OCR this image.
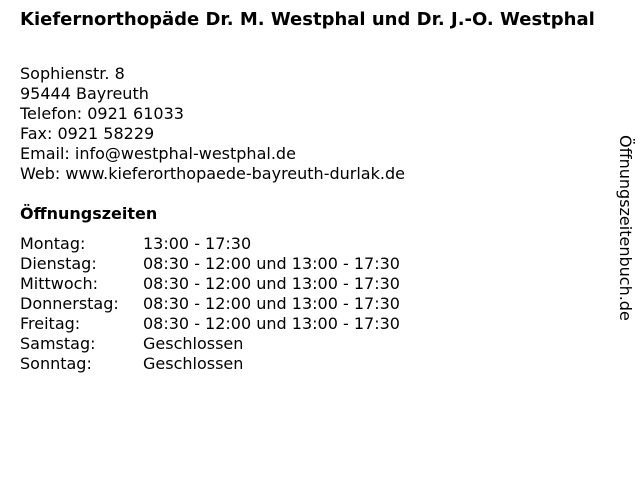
Kiefernorthopäde Dr. M. Westphal und Dr. J.-O. Westphal
Sophienstr. 8
95444 Bayreuth
Telefon: 0921 61033
Fax: 0921 58229
Email: info@westphal-westphal.de
Web: www.kieferorthopaede-bayreuth-durlak.de
Öffnungszeiten
Montag:	13:00 - 17:30
Dienstag:	08:30 - 12:00 und 13:00 - 17:30
Mittwoch:	08:30 - 12:00 und 13:00 - 17:30
Donnerstag:	08:30 - 12:00 und 13:00 - 17:30
Freitag:	08:30 - 12:00 und 13:00 - 17:30
Samstag:	Geschlossen
Sonntag:	Geschlossen
Öffnungszeitenbuch.de
